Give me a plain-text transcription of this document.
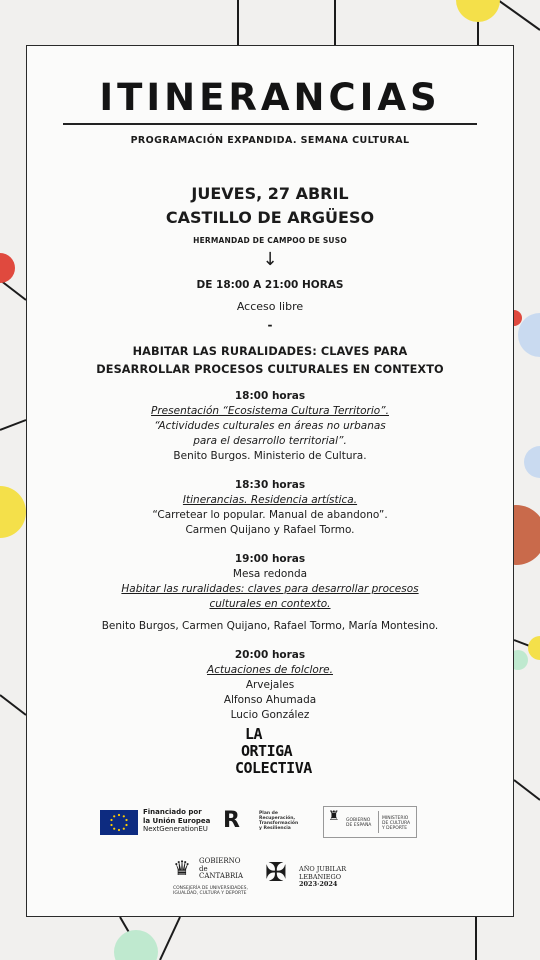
ITINERANCIAS
PROGRAMACIÓN EXPANDIDA. SEMANA CULTURAL
JUEVES, 27 ABRIL
CASTILLO DE ARGÜESO
HERMANDAD DE CAMPOO DE SUSO
↓
DE 18:00 A 21:00 HORAS
Acceso libre
-
HABITAR LAS RURALIDADES: CLAVES PARA
DESARROLLAR PROCESOS CULTURALES EN CONTEXTO
18:00 horas
Presentación “Ecosistema Cultura Territorio”.
“Actividudes culturales en áreas no urbanas
para el desarrollo territorial”.
Benito Burgos. Ministerio de Cultura.
18:30 horas
Itinerancias. Residencia artística.
“Carretear lo popular. Manual de abandono”.
Carmen Quijano y Rafael Tormo.
19:00 horas
Mesa redonda
Habitar las ruralidades: claves para desarrollar procesos
culturales en contexto.
Benito Burgos, Carmen Quijano, Rafael Tormo, María Montesino.
20:00 horas
Actuaciones de folclore.
Arvejales
Alfonso Ahumada
Lucio González
LA
ORTIGA
COLECTIVA
Financiado por
la Unión Europea
NextGenerationEU R	Plan de
Recuperación,
Transformación
y Resiliencia
♜ GOBIERNO
DE ESPAÑA
MINISTERIO
DE CULTURA
Y DEPORTE
♛ GOBIERNO
de
CANTABRIA
CONSEJERÍA DE UNIVERSIDADES,
IGUALDAD, CULTURA Y DEPORTE
✠ AÑO JUBILAR
LEBANIEGO
2023·2024
